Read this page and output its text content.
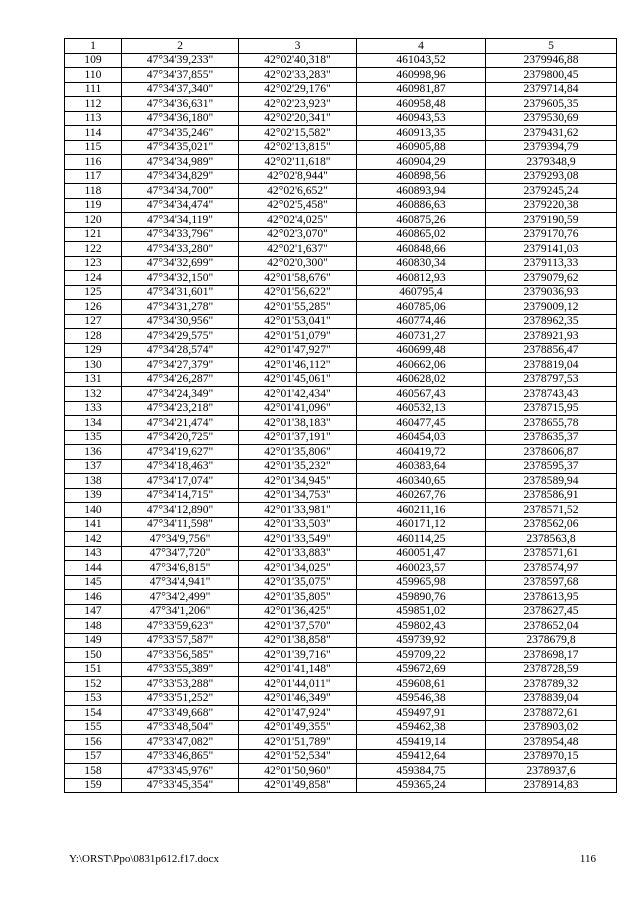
1	2	3	4	5
109	47°34'39,233"	42°02'40,318"	461043,52	2379946,88
110	47°34'37,855"	42°02'33,283"	460998,96	2379800,45
111	47°34'37,340"	42°02'29,176"	460981,87	2379714,84
112	47°34'36,631"	42°02'23,923"	460958,48	2379605,35
113	47°34'36,180"	42°02'20,341"	460943,53	2379530,69
114	47°34'35,246"	42°02'15,582"	460913,35	2379431,62
115	47°34'35,021"	42°02'13,815"	460905,88	2379394,79
116	47°34'34,989"	42°02'11,618"	460904,29	2379348,9
117	47°34'34,829"	42°02'8,944"	460898,56	2379293,08
118	47°34'34,700"	42°02'6,652"	460893,94	2379245,24
119	47°34'34,474"	42°02'5,458"	460886,63	2379220,38
120	47°34'34,119"	42°02'4,025"	460875,26	2379190,59
121	47°34'33,796"	42°02'3,070"	460865,02	2379170,76
122	47°34'33,280"	42°02'1,637"	460848,66	2379141,03
123	47°34'32,699"	42°02'0,300"	460830,34	2379113,33
124	47°34'32,150"	42°01'58,676"	460812,93	2379079,62
125	47°34'31,601"	42°01'56,622"	460795,4	2379036,93
126	47°34'31,278"	42°01'55,285"	460785,06	2379009,12
127	47°34'30,956"	42°01'53,041"	460774,46	2378962,35
128	47°34'29,575"	42°01'51,079"	460731,27	2378921,93
129	47°34'28,574"	42°01'47,927"	460699,48	2378856,47
130	47°34'27,379"	42°01'46,112"	460662,06	2378819,04
131	47°34'26,287"	42°01'45,061"	460628,02	2378797,53
132	47°34'24,349"	42°01'42,434"	460567,43	2378743,43
133	47°34'23,218"	42°01'41,096"	460532,13	2378715,95
134	47°34'21,474"	42°01'38,183"	460477,45	2378655,78
135	47°34'20,725"	42°01'37,191"	460454,03	2378635,37
136	47°34'19,627"	42°01'35,806"	460419,72	2378606,87
137	47°34'18,463"	42°01'35,232"	460383,64	2378595,37
138	47°34'17,074"	42°01'34,945"	460340,65	2378589,94
139	47°34'14,715"	42°01'34,753"	460267,76	2378586,91
140	47°34'12,890"	42°01'33,981"	460211,16	2378571,52
141	47°34'11,598"	42°01'33,503"	460171,12	2378562,06
142	47°34'9,756"	42°01'33,549"	460114,25	2378563,8
143	47°34'7,720"	42°01'33,883"	460051,47	2378571,61
144	47°34'6,815"	42°01'34,025"	460023,57	2378574,97
145	47°34'4,941"	42°01'35,075"	459965,98	2378597,68
146	47°34'2,499"	42°01'35,805"	459890,76	2378613,95
147	47°34'1,206"	42°01'36,425"	459851,02	2378627,45
148	47°33'59,623"	42°01'37,570"	459802,43	2378652,04
149	47°33'57,587"	42°01'38,858"	459739,92	2378679,8
150	47°33'56,585"	42°01'39,716"	459709,22	2378698,17
151	47°33'55,389"	42°01'41,148"	459672,69	2378728,59
152	47°33'53,288"	42°01'44,011"	459608,61	2378789,32
153	47°33'51,252"	42°01'46,349"	459546,38	2378839,04
154	47°33'49,668"	42°01'47,924"	459497,91	2378872,61
155	47°33'48,504"	42°01'49,355"	459462,38	2378903,02
156	47°33'47,082"	42°01'51,789"	459419,14	2378954,48
157	47°33'46,865"	42°01'52,534"	459412,64	2378970,15
158	47°33'45,976"	42°01'50,960"	459384,75	2378937,6
159	47°33'45,354"	42°01'49,858"	459365,24	2378914,83
Y:\ORST\Ppo\0831p612.f17.docx	116
